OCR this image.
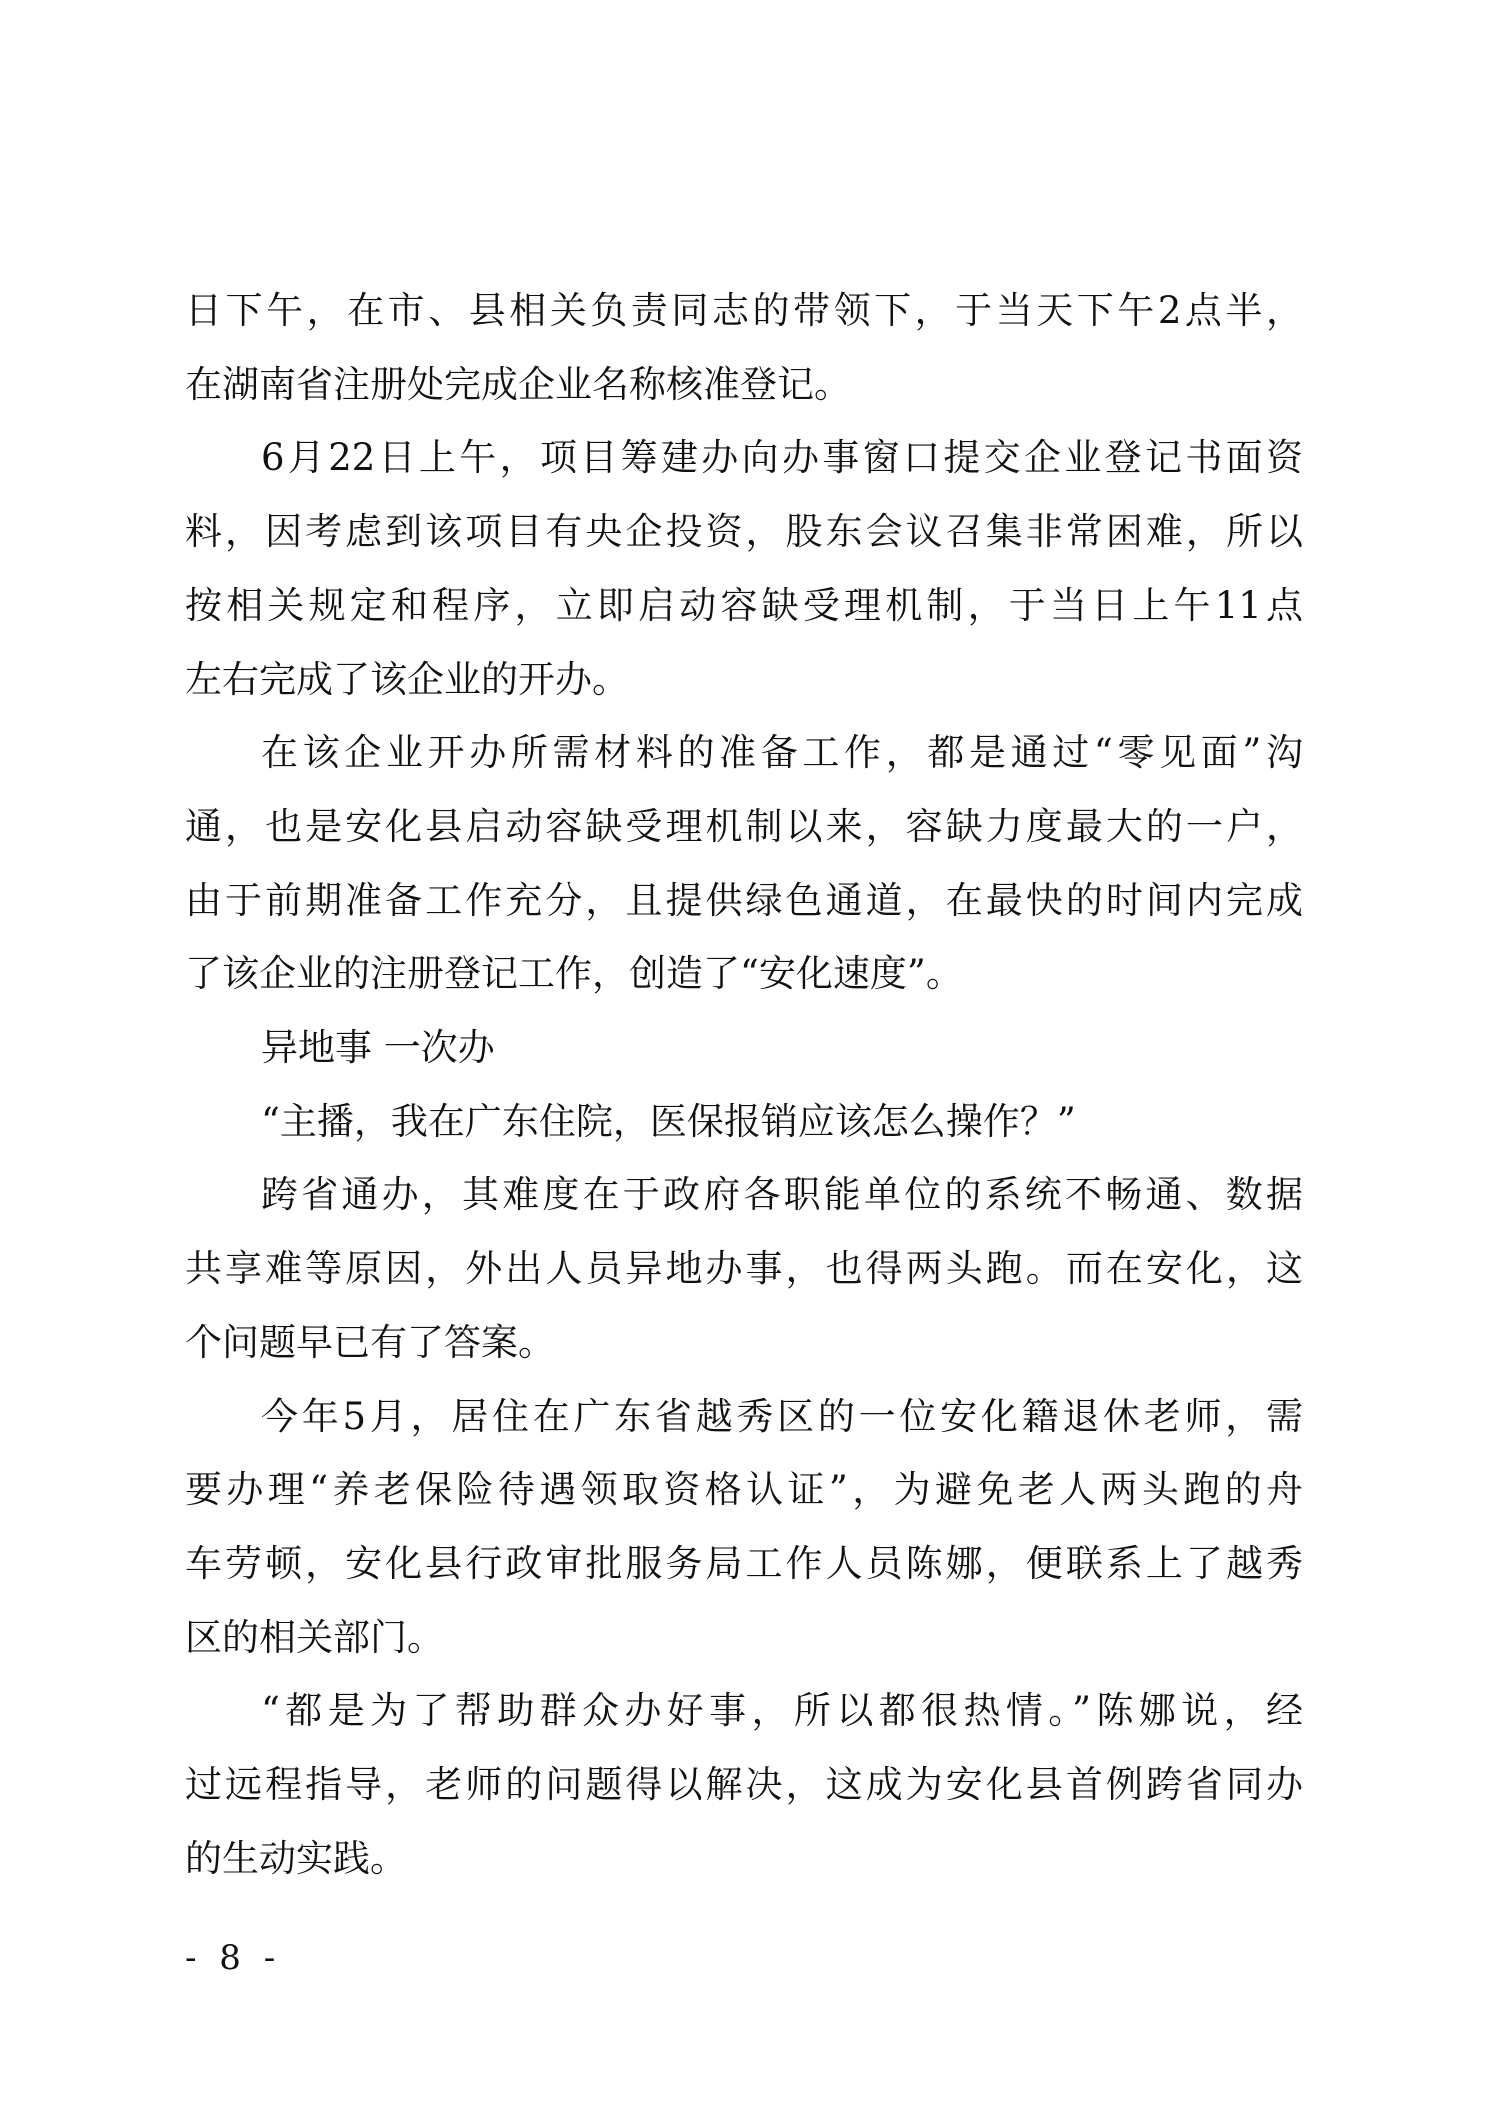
日下午，在市、县相关负责同志的带领下，于当天下午2点半，
在湖南省注册处完成企业名称核准登记。
6月22日上午，项目筹建办向办事窗口提交企业登记书面资
料，因考虑到该项目有央企投资，股东会议召集非常困难，所以
按相关规定和程序，立即启动容缺受理机制，于当日上午11点
左右完成了该企业的开办。
在该企业开办所需材料的准备工作，都是通过“零见面”沟
通，也是安化县启动容缺受理机制以来，容缺力度最大的一户，
由于前期准备工作充分，且提供绿色通道，在最快的时间内完成
了该企业的注册登记工作，创造了“安化速度”。
异地事 一次办
“主播，我在广东住院，医保报销应该怎么操作？”
跨省通办，其难度在于政府各职能单位的系统不畅通、数据
共享难等原因，外出人员异地办事，也得两头跑。而在安化，这
个问题早已有了答案。
今年5月，居住在广东省越秀区的一位安化籍退休老师，需
要办理“养老保险待遇领取资格认证”，为避免老人两头跑的舟
车劳顿，安化县行政审批服务局工作人员陈娜，便联系上了越秀
区的相关部门。
“都是为了帮助群众办好事，所以都很热情。”陈娜说，经
过远程指导，老师的问题得以解决，这成为安化县首例跨省同办
的生动实践。
- 8 -
